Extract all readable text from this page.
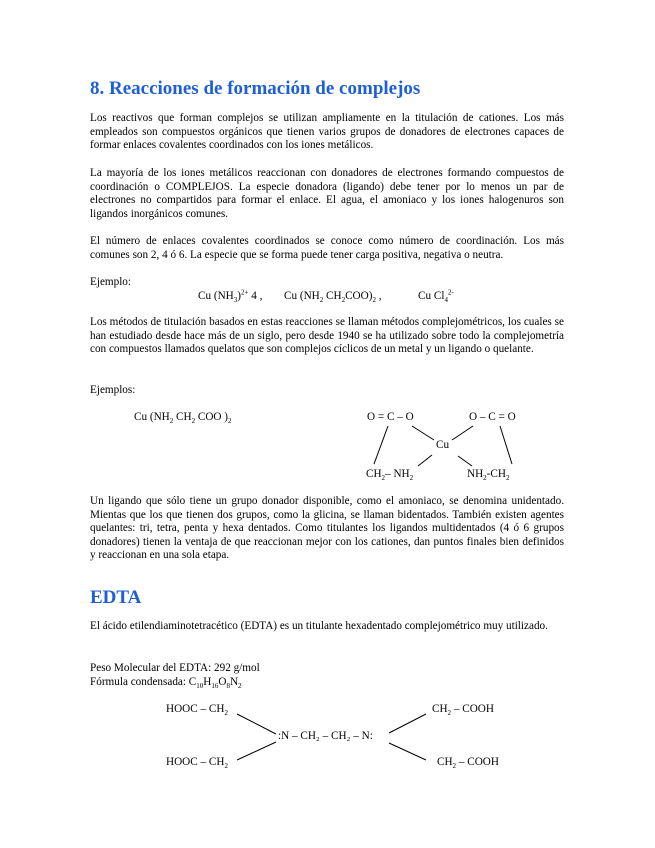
8. Reacciones de formación de complejos

Los reactivos que forman complejos se utilizan ampliamente en la titulación de cationes. Los más empleados son compuestos orgánicos que tienen varios grupos de donadores de electrones capaces de formar enlaces covalentes coordinados con los iones metálicos.

La mayoría de los iones metálicos reaccionan con donadores de electrones formando compuestos de coordinación o COMPLEJOS. La especie donadora (ligando) debe tener por lo menos un par de electrones no compartidos para formar el enlace. El agua, el amoniaco y los iones halogenuros son ligandos inorgánicos comunes.

El número de enlaces covalentes coordinados se conoce como número de coordinación. Los más comunes son 2, 4 ó 6. La especie que se forma puede tener carga positiva, negativa o neutra.

Ejemplo:
Cu $(NH_3)^{2+}$ 4 , Cu ($NH_2$ $CH_2COO)_2$ ,	Cu $Cl_4^{2-}$

Los métodos de titulación basados en estas reacciones se llaman métodos complejométricos, los cuales se han estudiado desde hace más de un siglo, pero desde 1940 se ha utilizado sobre todo la complejometría con compuestos llamados quelatos que son complejos cíclicos de un metal y un ligando o quelante.

Ejemplos:
Cu ($NH_2$ $CH_2$ COO )$_2$	O = C – O	O – C = O
Cu
$CH_2-$ $NH_2$	$NH_2-CH_2$

Un ligando que sólo tiene un grupo donador disponible, como el amoniaco, se denomina unidentado. Mientas que los que tienen dos grupos, como la glicina, se llaman bidentados. También existen agentes quelantes: tri, tetra, penta y hexa dentados. Como titulantes los ligandos multidentados (4 ó 6 grupos donadores) tienen la ventaja de que reaccionan mejor con los cationes, dan puntos finales bien definidos y reaccionan en una sola etapa.

EDTA

El ácido etilendiaminotetracético (EDTA) es un titulante hexadentado complejométrico muy utilizado.

Peso Molecular del EDTA: 292 g/mol
Fórmula condensada: $C_{10}H_{16}O_8N_2$
HOOC – $CH_2$
HOOC – $CH_2$
:N – CH₂ – CH₂ – N:
$CH_2$ – COOH
$CH_2$ – COOH
